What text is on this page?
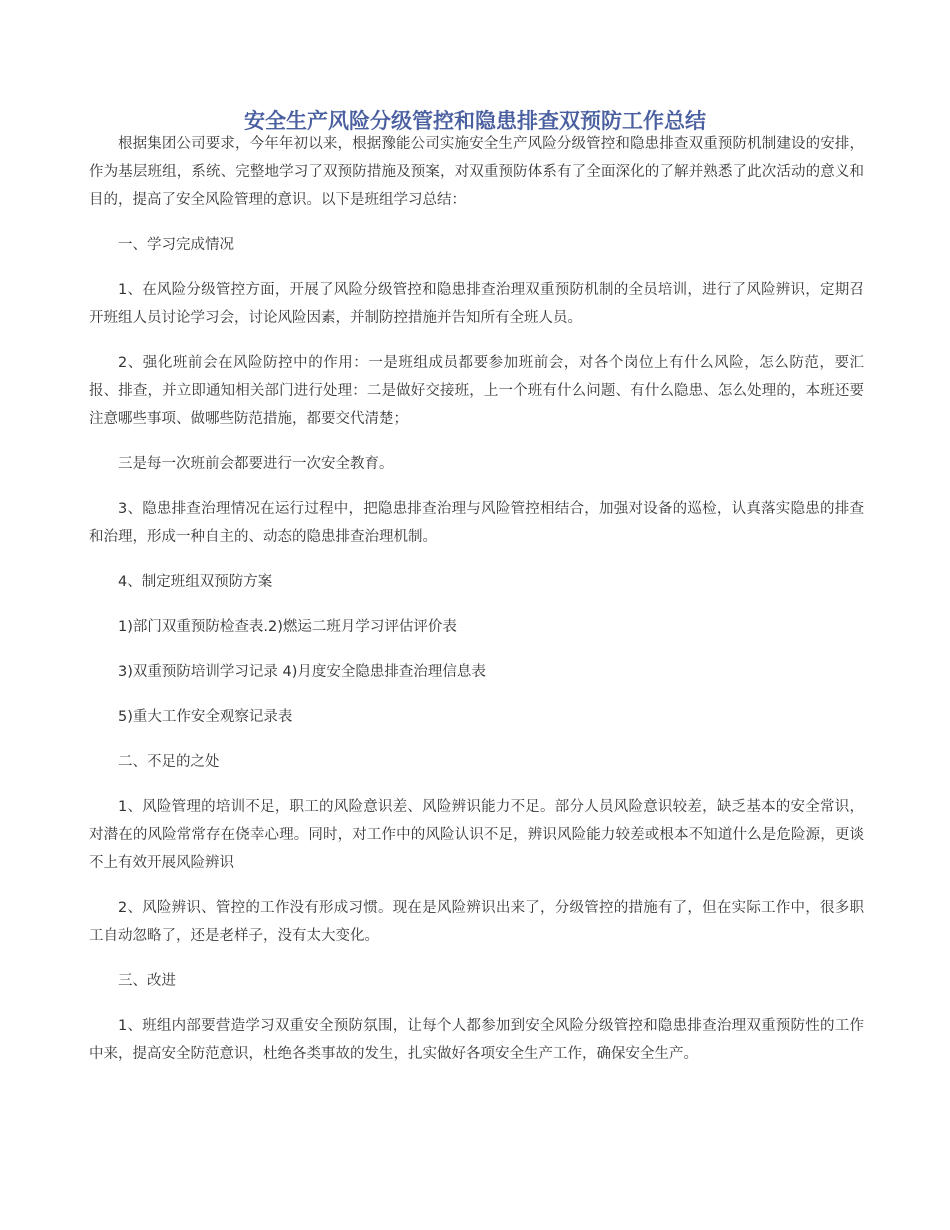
安全生产风险分级管控和隐患排查双预防工作总结

根据集团公司要求，今年年初以来，根据豫能公司实施安全生产风险分级管控和隐患排查双重预防机制建设的安排，作为基层班组，系统、完整地学习了双预防措施及预案，对双重预防体系有了全面深化的了解并熟悉了此次活动的意义和目的，提高了安全风险管理的意识。以下是班组学习总结：

一、学习完成情况

1、在风险分级管控方面，开展了风险分级管控和隐患排查治理双重预防机制的全员培训，进行了风险辨识，定期召开班组人员讨论学习会，讨论风险因素，并制防控措施并告知所有全班人员。

2、强化班前会在风险防控中的作用：一是班组成员都要参加班前会，对各个岗位上有什么风险，怎么防范，要汇报、排查，并立即通知相关部门进行处理：二是做好交接班，上一个班有什么问题、有什么隐患、怎么处理的，本班还要注意哪些事项、做哪些防范措施，都要交代清楚；

三是每一次班前会都要进行一次安全教育。

3、隐患排查治理情况在运行过程中，把隐患排查治理与风险管控相结合，加强对设备的巡检，认真落实隐患的排查和治理，形成一种自主的、动态的隐患排查治理机制。

4、制定班组双预防方案

1)部门双重预防检查表.2)燃运二班月学习评估评价表

3)双重预防培训学习记录 4)月度安全隐患排查治理信息表

5)重大工作安全观察记录表

二、不足的之处

1、风险管理的培训不足，职工的风险意识差、风险辨识能力不足。部分人员风险意识较差，缺乏基本的安全常识，对潜在的风险常常存在侥幸心理。同时，对工作中的风险认识不足，辨识风险能力较差或根本不知道什么是危险源，更谈不上有效开展风险辨识

2、风险辨识、管控的工作没有形成习惯。现在是风险辨识出来了，分级管控的措施有了，但在实际工作中，很多职工自动忽略了，还是老样子，没有太大变化。

三、改进

1、班组内部要营造学习双重安全预防氛围，让每个人都参加到安全风险分级管控和隐患排查治理双重预防性的工作中来，提高安全防范意识，杜绝各类事故的发生，扎实做好各项安全生产工作，确保安全生产。
